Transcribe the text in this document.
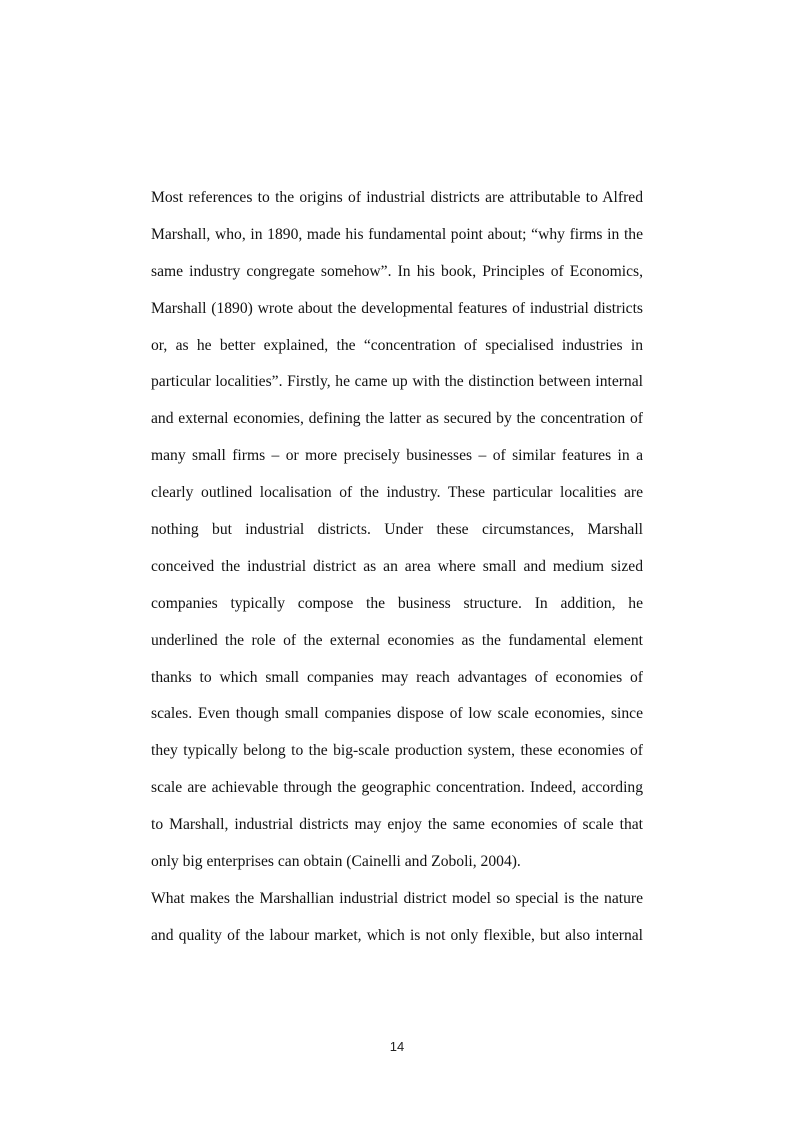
Most references to the origins of industrial districts are attributable to Alfred
Marshall, who, in 1890, made his fundamental point about; “why firms in the
same industry congregate somehow”. In his book, Principles of Economics,
Marshall (1890) wrote about the developmental features of industrial districts
or, as he better explained, the “concentration of specialised industries in
particular localities”. Firstly, he came up with the distinction between internal
and external economies, defining the latter as secured by the concentration of
many small firms – or more precisely businesses – of similar features in a
clearly outlined localisation of the industry. These particular localities are
nothing but industrial districts. Under these circumstances, Marshall
conceived the industrial district as an area where small and medium sized
companies typically compose the business structure. In addition, he
underlined the role of the external economies as the fundamental element
thanks to which small companies may reach advantages of economies of
scales. Even though small companies dispose of low scale economies, since
they typically belong to the big-scale production system, these economies of
scale are achievable through the geographic concentration. Indeed, according
to Marshall, industrial districts may enjoy the same economies of scale that
only big enterprises can obtain (Cainelli and Zoboli, 2004).
What makes the Marshallian industrial district model so special is the nature
and quality of the labour market, which is not only flexible, but also internal
14
